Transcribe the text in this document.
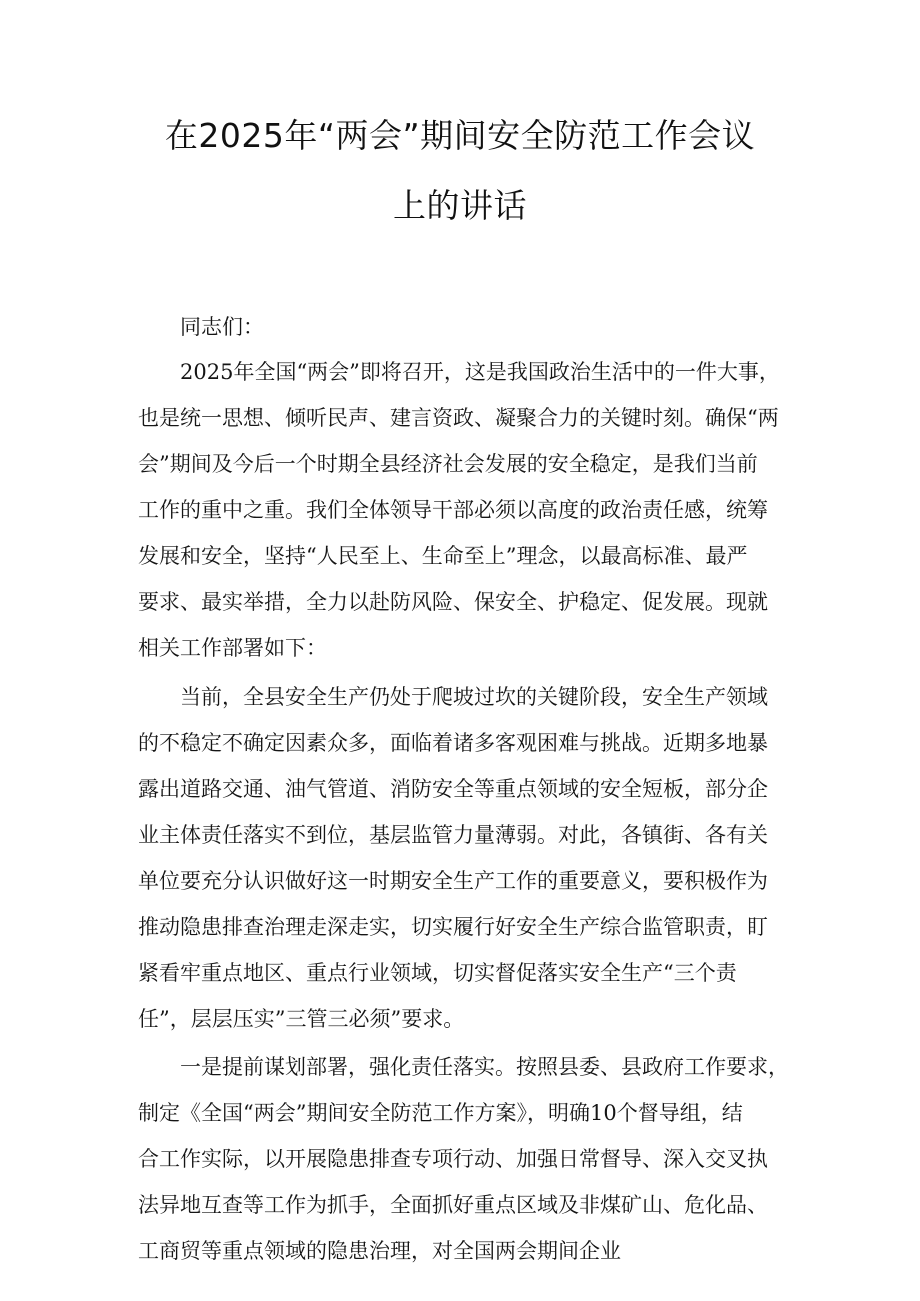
在2025年“两会”期间安全防范工作会议
上的讲话
同志们：
2025年全国“两会”即将召开，这是我国政治生活中的一件大事，
也是统一思想、倾听民声、建言资政、凝聚合力的关键时刻。确保“两
会”期间及今后一个时期全县经济社会发展的安全稳定，是我们当前
工作的重中之重。我们全体领导干部必须以高度的政治责任感，统筹
发展和安全，坚持“人民至上、生命至上”理念，以最高标准、最严
要求、最实举措，全力以赴防风险、保安全、护稳定、促发展。现就
相关工作部署如下：
当前，全县安全生产仍处于爬坡过坎的关键阶段，安全生产领域
的不稳定不确定因素众多，面临着诸多客观困难与挑战。近期多地暴
露出道路交通、油气管道、消防安全等重点领域的安全短板，部分企
业主体责任落实不到位，基层监管力量薄弱。对此，各镇街、各有关
单位要充分认识做好这一时期安全生产工作的重要意义，要积极作为
推动隐患排查治理走深走实，切实履行好安全生产综合监管职责，盯
紧看牢重点地区、重点行业领域，切实督促落实安全生产“三个责
任”，层层压实”三管三必须”要求。
一是提前谋划部署，强化责任落实。按照县委、县政府工作要求，
制定《全国“两会”期间安全防范工作方案》，明确10个督导组，结
合工作实际，以开展隐患排查专项行动、加强日常督导、深入交叉执
法异地互查等工作为抓手，全面抓好重点区域及非煤矿山、危化品、
工商贸等重点领域的隐患治理，对全国两会期间企业
